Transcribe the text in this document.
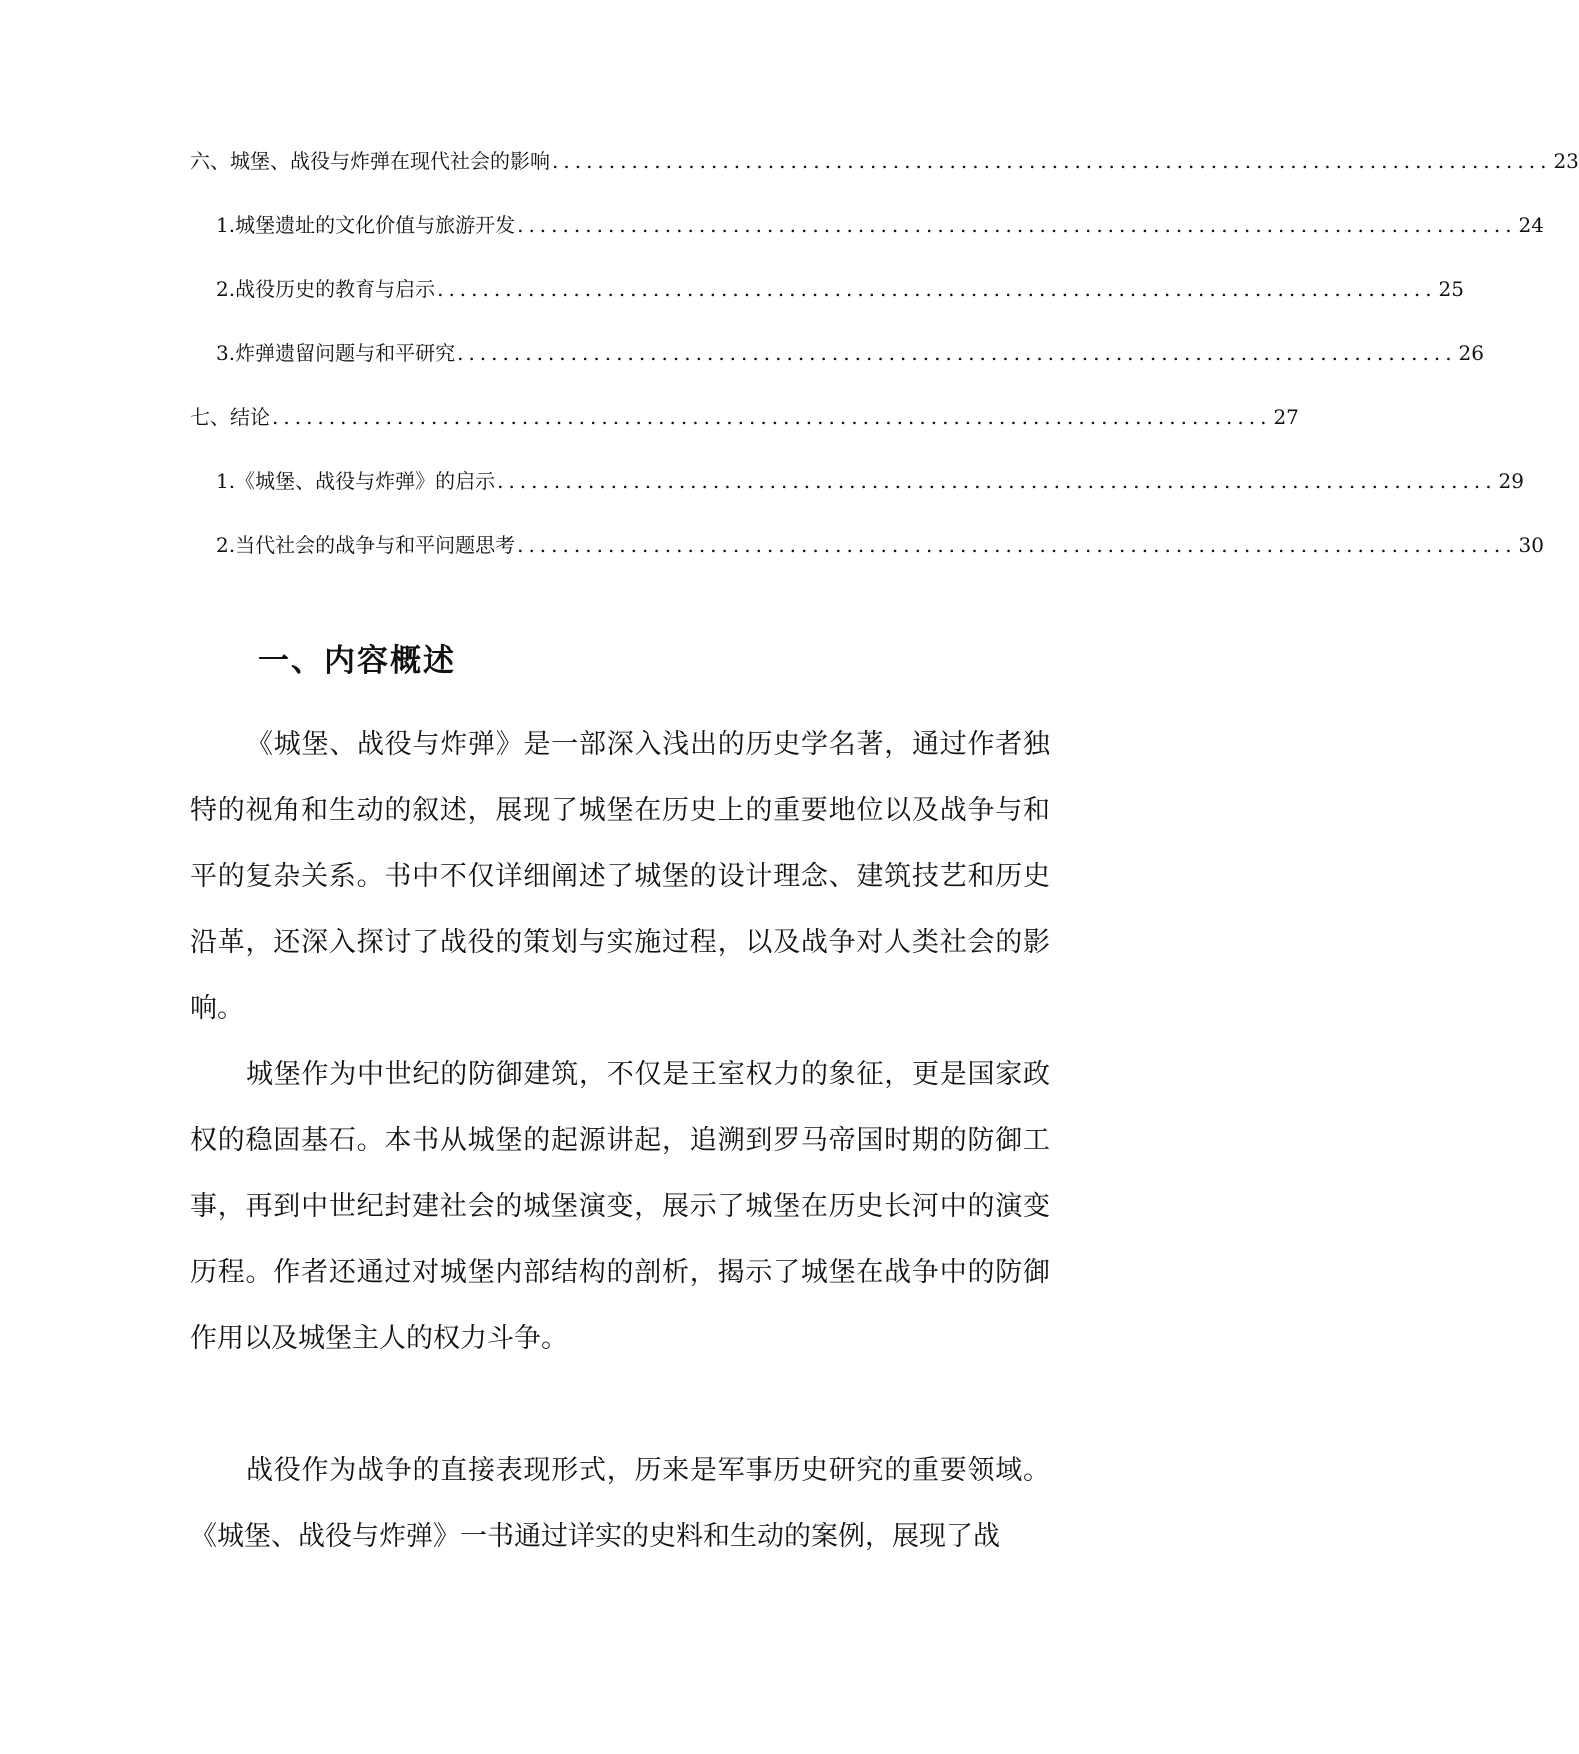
六、城堡、战役与炸弹在现代社会的影响 ........................................................................................ 23
1. 城堡遗址的文化价值与旅游开发 ........................................................................................ 24
2. 战役历史的教育与启示 ........................................................................................ 25
3. 炸弹遗留问题与和平研究 ........................................................................................ 26
七、结论 ........................................................................................ 27
1. 《城堡、战役与炸弹》的启示 ........................................................................................ 29
2. 当代社会的战争与和平问题思考 ........................................................................................ 30
一、内容概述

《城堡、战役与炸弹》是一部深入浅出的历史学名著，通过作者独特的视角和生动的叙述，展现了城堡在历史上的重要地位以及战争与和平的复杂关系。书中不仅详细阐述了城堡的设计理念、建筑技艺和历史沿革，还深入探讨了战役的策划与实施过程，以及战争对人类社会的影响。

城堡作为中世纪的防御建筑，不仅是王室权力的象征，更是国家政权的稳固基石。本书从城堡的起源讲起，追溯到罗马帝国时期的防御工事，再到中世纪封建社会的城堡演变，展示了城堡在历史长河中的演变历程。作者还通过对城堡内部结构的剖析，揭示了城堡在战争中的防御作用以及城堡主人的权力斗争。

战役作为战争的直接表现形式，历来是军事历史研究的重要领域。《城堡、战役与炸弹》一书通过详实的史料和生动的案例，展现了战
